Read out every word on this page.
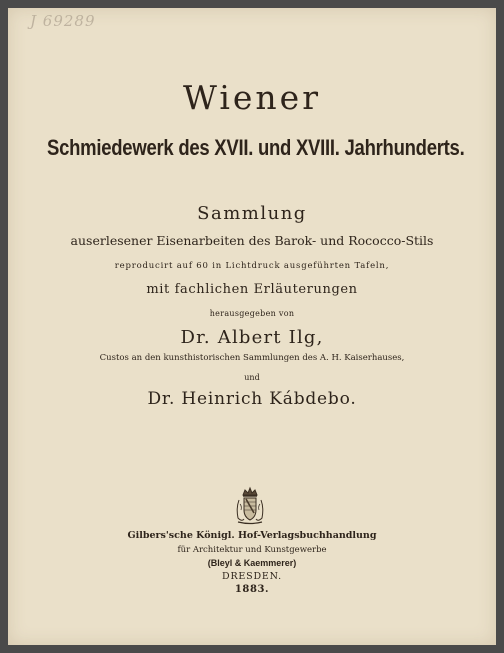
J 69289
Wiener
Schmiedewerk des XVII. und XVIII. Jahrhunderts.
Sammlung
auserlesener Eisenarbeiten des Barok- und Rococco-Stils
reproducirt auf 60 in Lichtdruck ausgeführten Tafeln,
mit fachlichen Erläuterungen
herausgegeben von
Dr. Albert Ilg,
Custos an den kunsthistorischen Sammlungen des A. H. Kaiserhauses,
und
Dr. Heinrich Kábdebo.
Gilbers'sche Königl. Hof-Verlagsbuchhandlung
für Architektur und Kunstgewerbe
(Bleyl & Kaemmerer)
DRESDEN.
1883.
